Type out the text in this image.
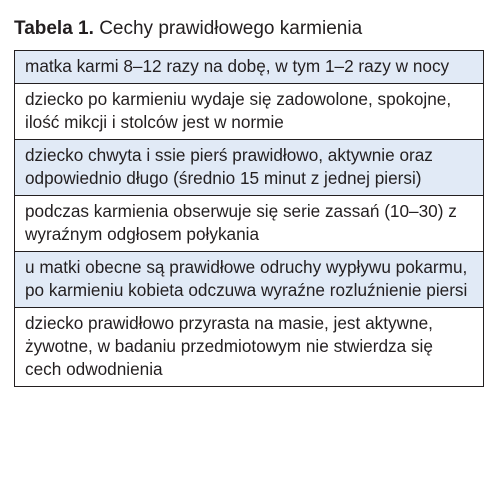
Tabela 1. Cechy prawidłowego karmienia
matka karmi 8–12 razy na dobę, w tym 1–2 razy w nocy
dziecko po karmieniu wydaje się zadowolone, spokojne, ilość mikcji i stolców jest w normie
dziecko chwyta i ssie pierś prawidłowo, aktywnie oraz odpowiednio długo (średnio 15 minut z jednej piersi)
podczas karmienia obserwuje się serie zassań (10–30) z wyraźnym odgłosem połykania
u matki obecne są prawidłowe odruchy wypływu pokarmu, po karmieniu kobieta odczuwa wyraźne rozluźnienie piersi
dziecko prawidłowo przyrasta na masie, jest aktywne, żywotne, w badaniu przedmiotowym nie stwierdza się cech odwodnienia
